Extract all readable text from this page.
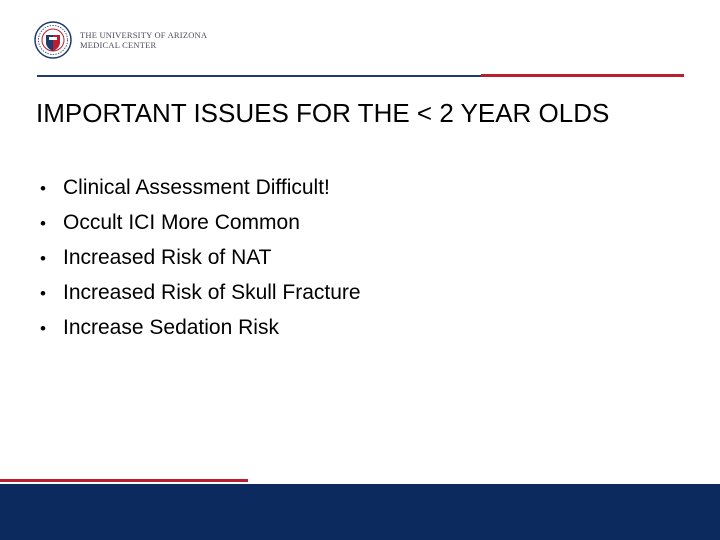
THE UNIVERSITY OF ARIZONA
MEDICAL CENTER
IMPORTANT ISSUES FOR THE < 2 YEAR OLDS
• Clinical Assessment Difficult!
• Occult ICI More Common
• Increased Risk of NAT
• Increased Risk of Skull Fracture
• Increase Sedation Risk
